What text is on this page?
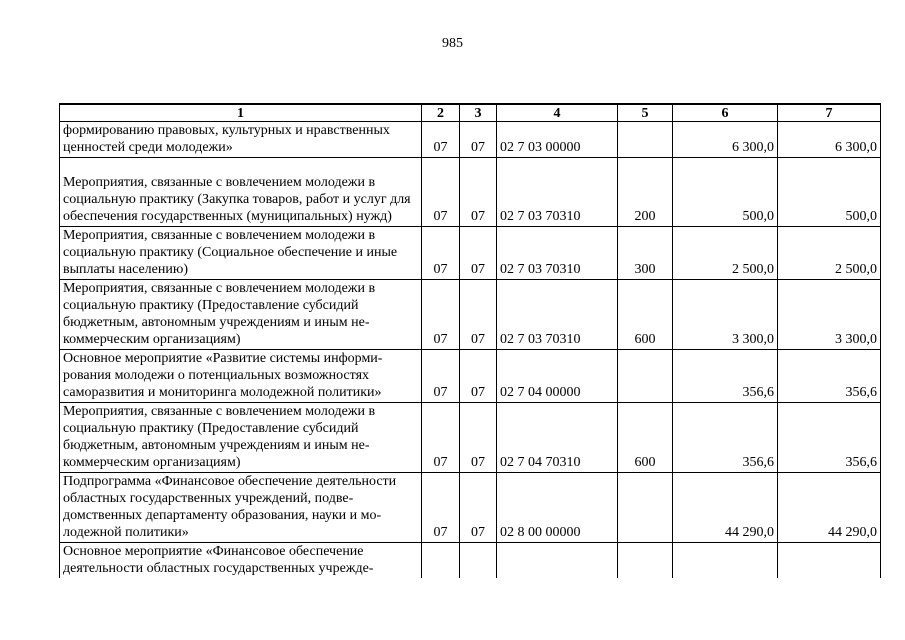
985
1	2	3	4	5	6	7
формированию правовых, культурных и нравственных ценностей среди молодежи»	07	07	02 7 03 00000		6 300,0	6 300,0
Мероприятия, связанные с вовлечением молодежи в социальную практику (Закупка товаров, работ и услуг для обеспечения государственных (муниципальных) нужд)	07	07	02 7 03 70310	200	500,0	500,0
Мероприятия, связанные с вовлечением молодежи в социальную практику (Социальное обеспечение и иные выплаты населению)	07	07	02 7 03 70310	300	2 500,0	2 500,0
Мероприятия, связанные с вовлечением молодежи в социальную практику (Предоставление субсидий бюджетным, автономным учреждениям и иным некоммерческим организациям)	07	07	02 7 03 70310	600	3 300,0	3 300,0
Основное мероприятие «Развитие системы информирования молодежи о потенциальных возможностях саморазвития и мониторинга молодежной политики»	07	07	02 7 04 00000		356,6	356,6
Мероприятия, связанные с вовлечением молодежи в социальную практику (Предоставление субсидий бюджетным, автономным учреждениям и иным некоммерческим организациям)	07	07	02 7 04 70310	600	356,6	356,6
Подпрограмма «Финансовое обеспечение деятельности областных государственных учреждений, подведомственных департаменту образования, науки и молодежной политики»	07	07	02 8 00 00000		44 290,0	44 290,0
Основное мероприятие «Финансовое обеспечение деятельности областных государственных учрежде-						
